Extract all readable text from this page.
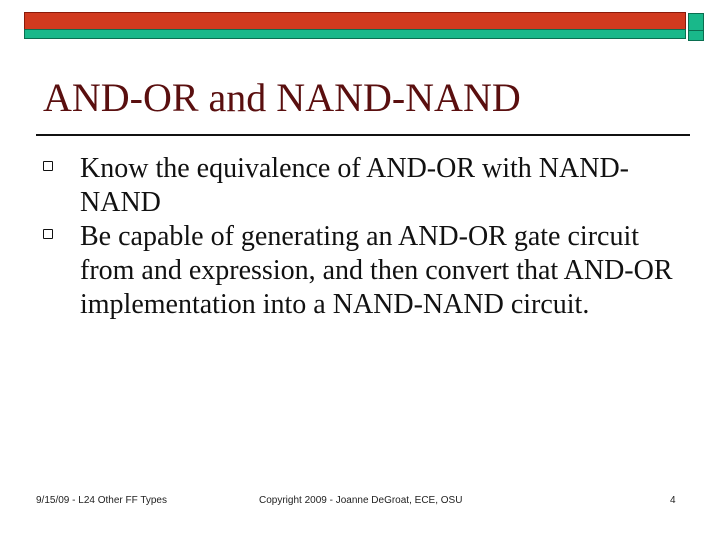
AND-OR and NAND-NAND
Know the equivalence of AND-OR with NAND-NAND
Be capable of generating an AND-OR gate circuit from and expression, and then convert that AND-OR implementation into a NAND-NAND circuit.
9/15/09 - L24 Other FF Types	Copyright 2009 - Joanne DeGroat, ECE, OSU	4
